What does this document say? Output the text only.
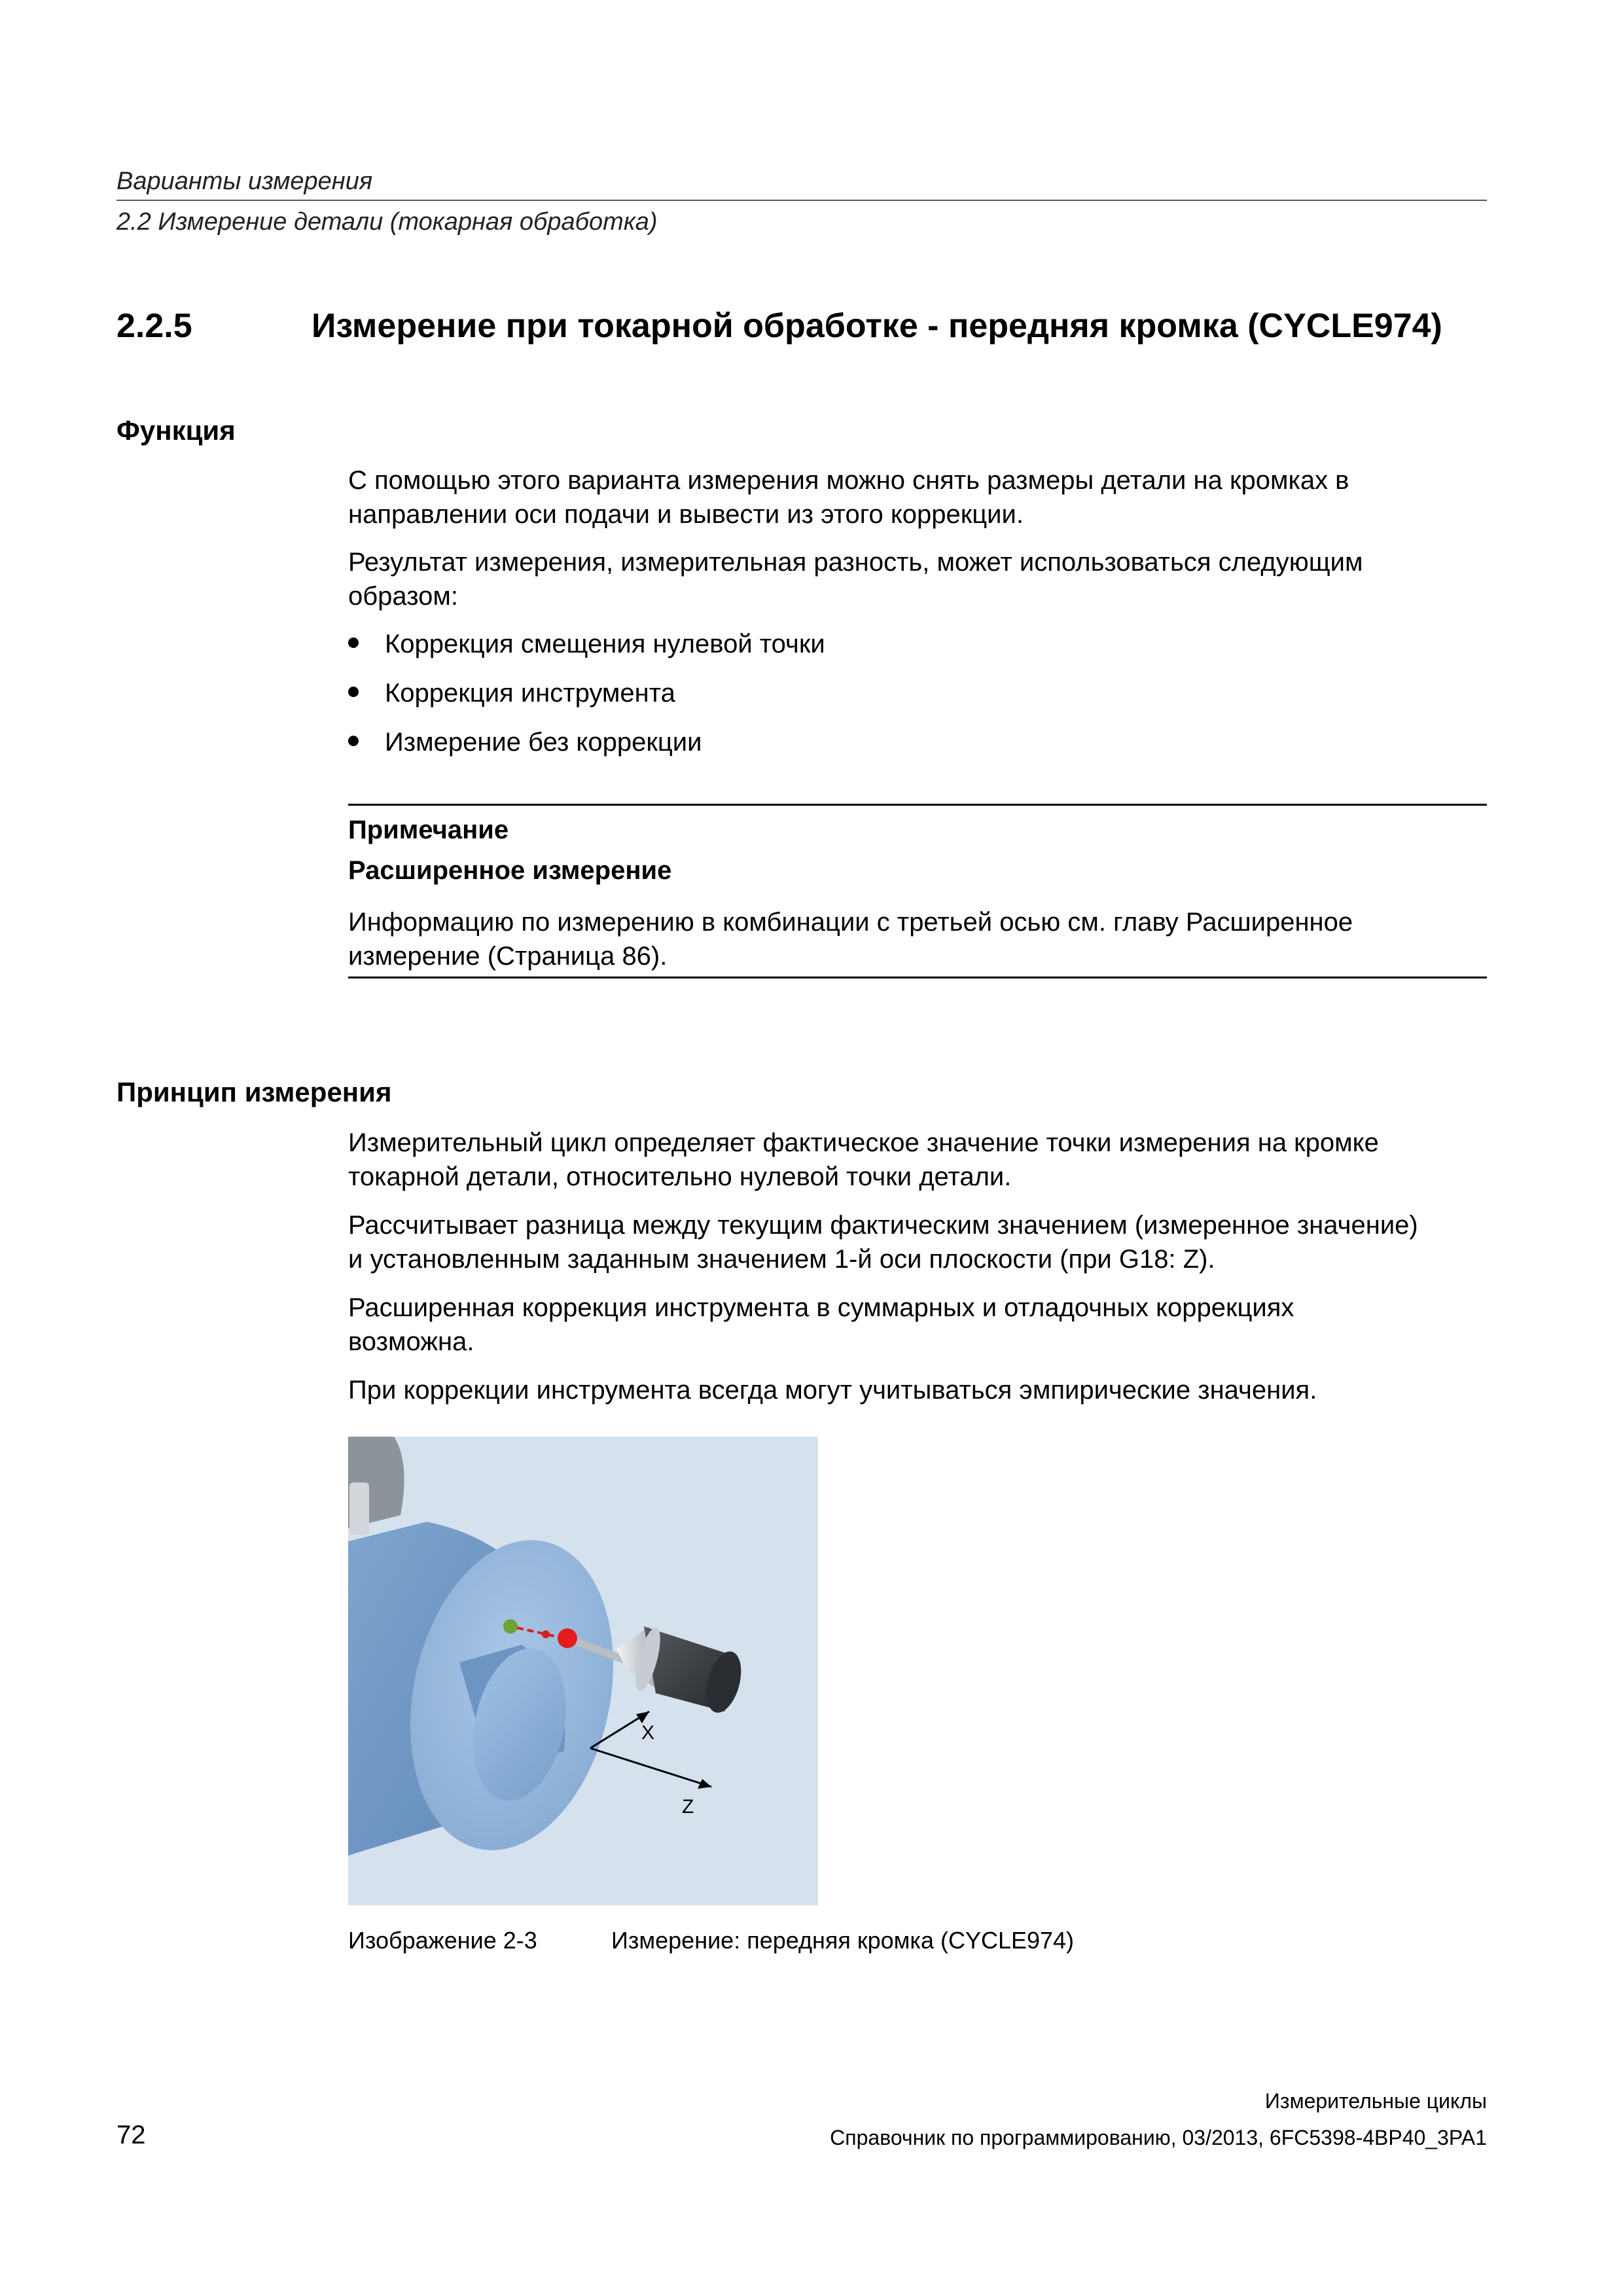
Варианты измерения
2.2 Измерение детали (токарная обработка)
2.2.5	Измерение при токарной обработке - передняя кромка (CYCLE974)
Функция
С помощью этого варианта измерения можно снять размеры детали на кромках в
направлении оси подачи и вывести из этого коррекции.
Результат измерения, измерительная разность, может использоваться следующим
образом:
Коррекция смещения нулевой точки
Коррекция инструмента
Измерение без коррекции
Примечание
Расширенное измерение
Информацию по измерению в комбинации с третьей осью см. главу Расширенное
измерение (Страница 86).
Принцип измерения
Измерительный цикл определяет фактическое значение точки измерения на кромке
токарной детали, относительно нулевой точки детали.
Рассчитывает разница между текущим фактическим значением (измеренное значение)
и установленным заданным значением 1-й оси плоскости (при G18: Z).
Расширенная коррекция инструмента в суммарных и отладочных коррекциях
возможна.
При коррекции инструмента всегда могут учитываться эмпирические значения.
X
Z
Изображение 2-3	Измерение: передняя кромка (CYCLE974)
Измерительные циклы
72	Справочник по программированию, 03/2013, 6FC5398-4BP40_3PA1
